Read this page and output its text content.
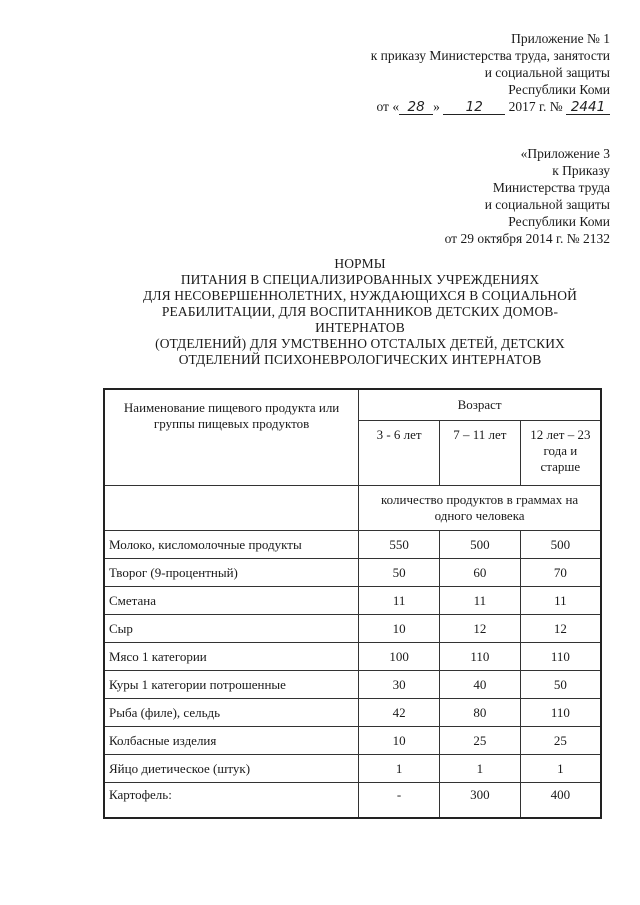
Приложение № 1
к приказу Министерства труда, занятости
и социальной защиты
Республики Коми
от « 28 » 12 2017 г. № 2441
«Приложение 3
к Приказу
Министерства труда
и социальной защиты
Республики Коми
от 29 октября 2014 г. № 2132
НОРМЫ
ПИТАНИЯ В СПЕЦИАЛИЗИРОВАННЫХ УЧРЕЖДЕНИЯХ
ДЛЯ НЕСОВЕРШЕННОЛЕТНИХ, НУЖДАЮЩИХСЯ В СОЦИАЛЬНОЙ
РЕАБИЛИТАЦИИ, ДЛЯ ВОСПИТАННИКОВ ДЕТСКИХ ДОМОВ-
ИНТЕРНАТОВ
(ОТДЕЛЕНИЙ) ДЛЯ УМСТВЕННО ОТСТАЛЫХ ДЕТЕЙ, ДЕТСКИХ
ОТДЕЛЕНИЙ ПСИХОНЕВРОЛОГИЧЕСКИХ ИНТЕРНАТОВ
Наименование пищевого продукта или группы пищевых продуктов	Возраст		
	3 - 6 лет	7 – 11 лет	12 лет – 23 года и старше
	количество продуктов в граммах на одного человека		
Молоко, кисломолочные продукты	550	500	500
Творог (9-процентный)	50	60	70
Сметана	11	11	11
Сыр	10	12	12
Мясо 1 категории	100	110	110
Куры 1 категории потрошенные	30	40	50
Рыба (филе), сельдь	42	80	110
Колбасные изделия	10	25	25
Яйцо диетическое (штук)	1	1	1
Картофель:	-	300	400
